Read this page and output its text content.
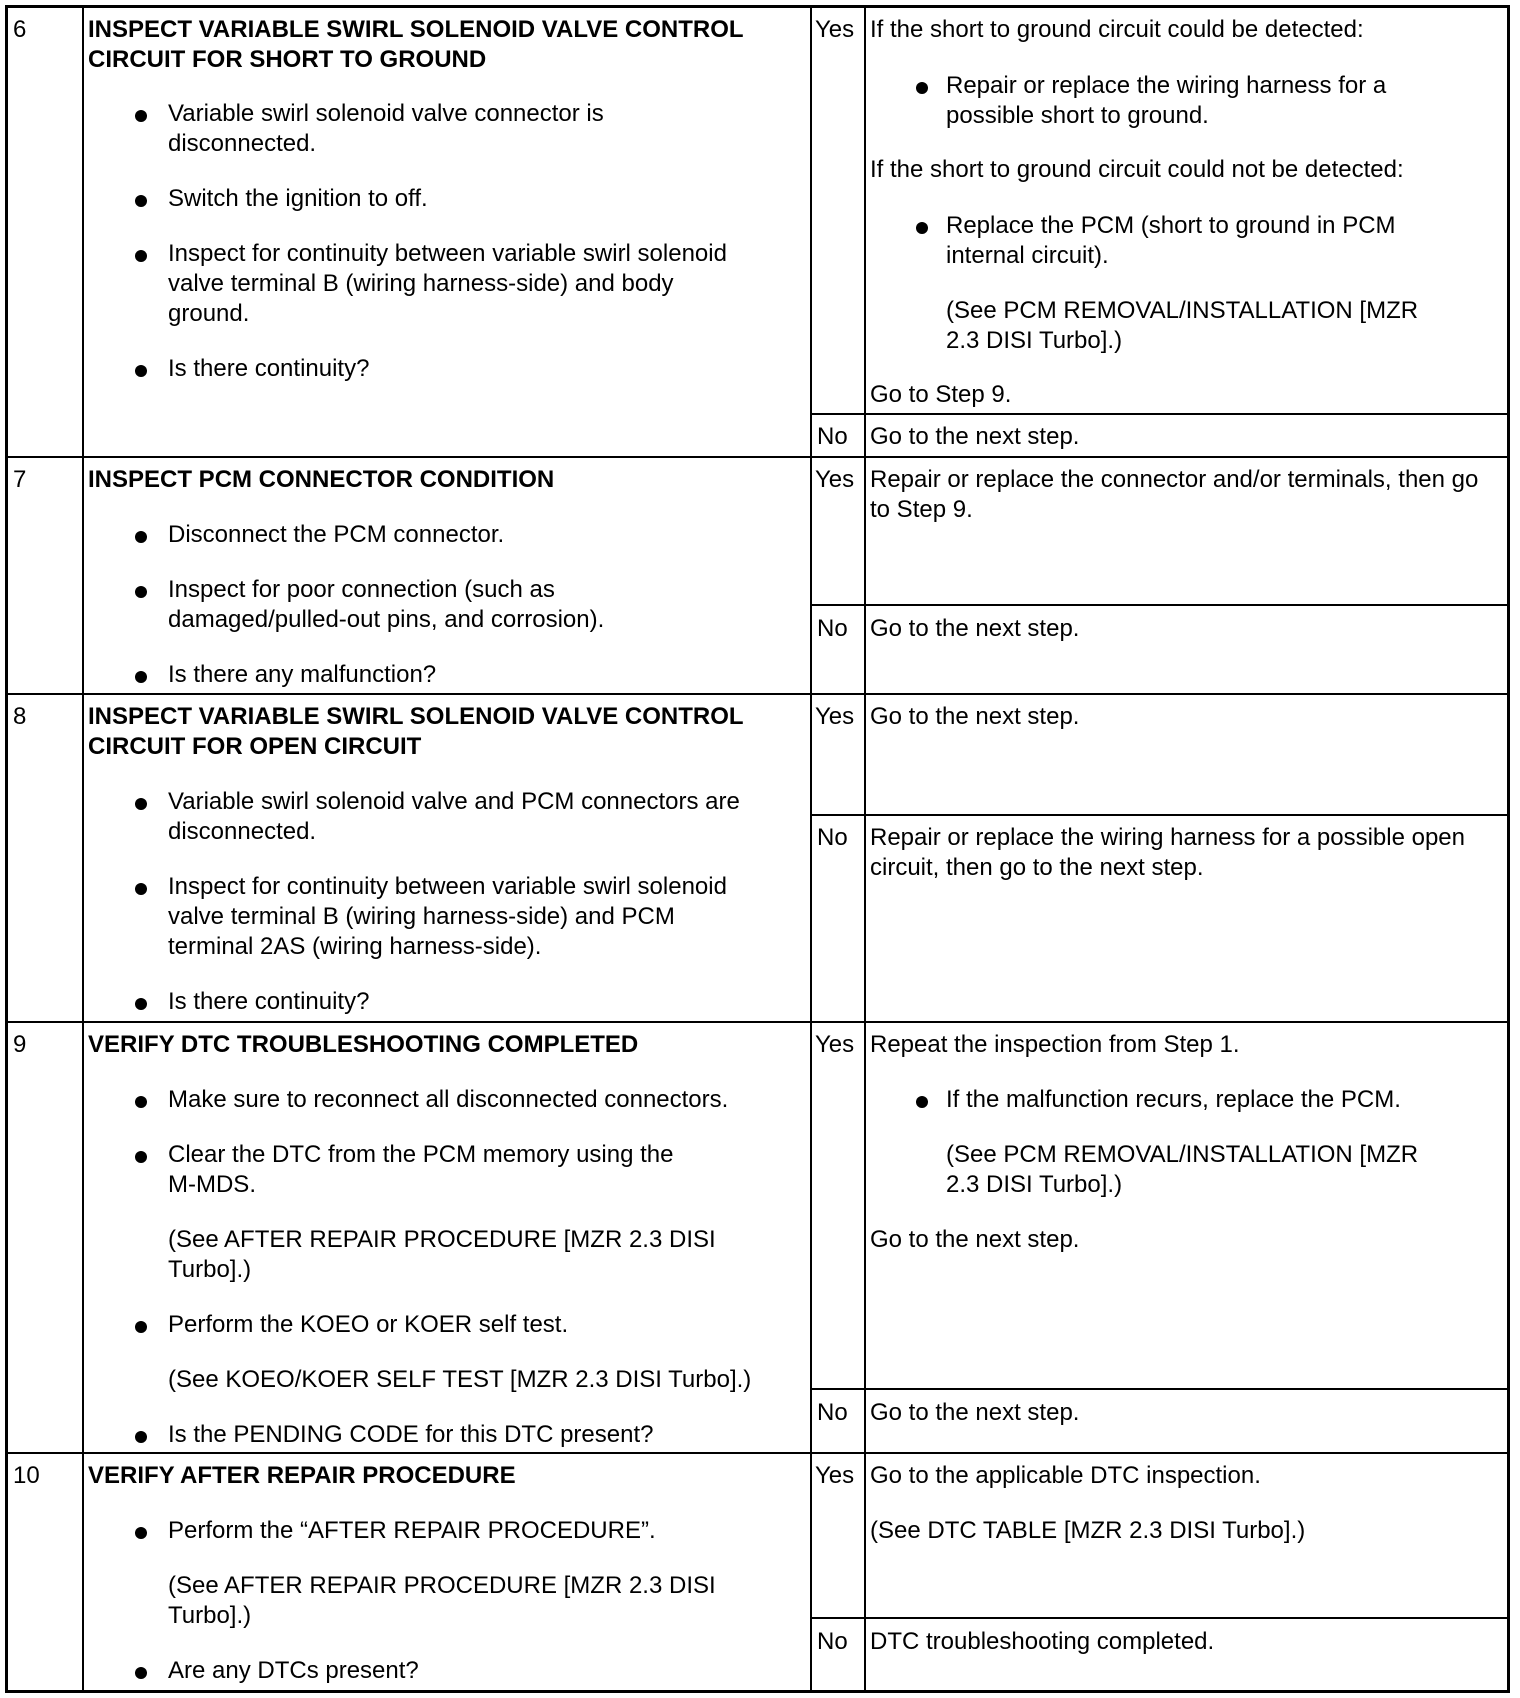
6	INSPECT VARIABLE SWIRL SOLENOID VALVE CONTROL
CIRCUIT FOR SHORT TO GROUND
Variable swirl solenoid valve connector is
disconnected.
Switch the ignition to off.
Inspect for continuity between variable swirl solenoid
valve terminal B (wiring harness-side) and body
ground.
Is there continuity?
Yes If the short to ground circuit could be detected:
Repair or replace the wiring harness for a
possible short to ground.
If the short to ground circuit could not be detected:
Replace the PCM (short to ground in PCM
internal circuit).
(See PCM REMOVAL/INSTALLATION [MZR
2.3 DISI Turbo].)
Go to Step 9.
No Go to the next step.
7	INSPECT PCM CONNECTOR CONDITION
Disconnect the PCM connector.
Inspect for poor connection (such as
damaged/pulled-out pins, and corrosion).
Is there any malfunction?
Yes Repair or replace the connector and/or terminals, then go
to Step 9.
No Go to the next step.
8	INSPECT VARIABLE SWIRL SOLENOID VALVE CONTROL
CIRCUIT FOR OPEN CIRCUIT
Variable swirl solenoid valve and PCM connectors are
disconnected.
Inspect for continuity between variable swirl solenoid
valve terminal B (wiring harness-side) and PCM
terminal 2AS (wiring harness-side).
Is there continuity?
Yes Go to the next step.
No Repair or replace the wiring harness for a possible open
circuit, then go to the next step.
9	VERIFY DTC TROUBLESHOOTING COMPLETED
Make sure to reconnect all disconnected connectors.
Clear the DTC from the PCM memory using the
M-MDS.
(See AFTER REPAIR PROCEDURE [MZR 2.3 DISI
Turbo].)
Perform the KOEO or KOER self test.
(See KOEO/KOER SELF TEST [MZR 2.3 DISI Turbo].)
Is the PENDING CODE for this DTC present?
Yes Repeat the inspection from Step 1.
If the malfunction recurs, replace the PCM.
(See PCM REMOVAL/INSTALLATION [MZR
2.3 DISI Turbo].)
Go to the next step.
No Go to the next step.
10 VERIFY AFTER REPAIR PROCEDURE
Perform the “AFTER REPAIR PROCEDURE”.
(See AFTER REPAIR PROCEDURE [MZR 2.3 DISI
Turbo].)
Are any DTCs present?
Yes Go to the applicable DTC inspection.
(See DTC TABLE [MZR 2.3 DISI Turbo].)
No DTC troubleshooting completed.
